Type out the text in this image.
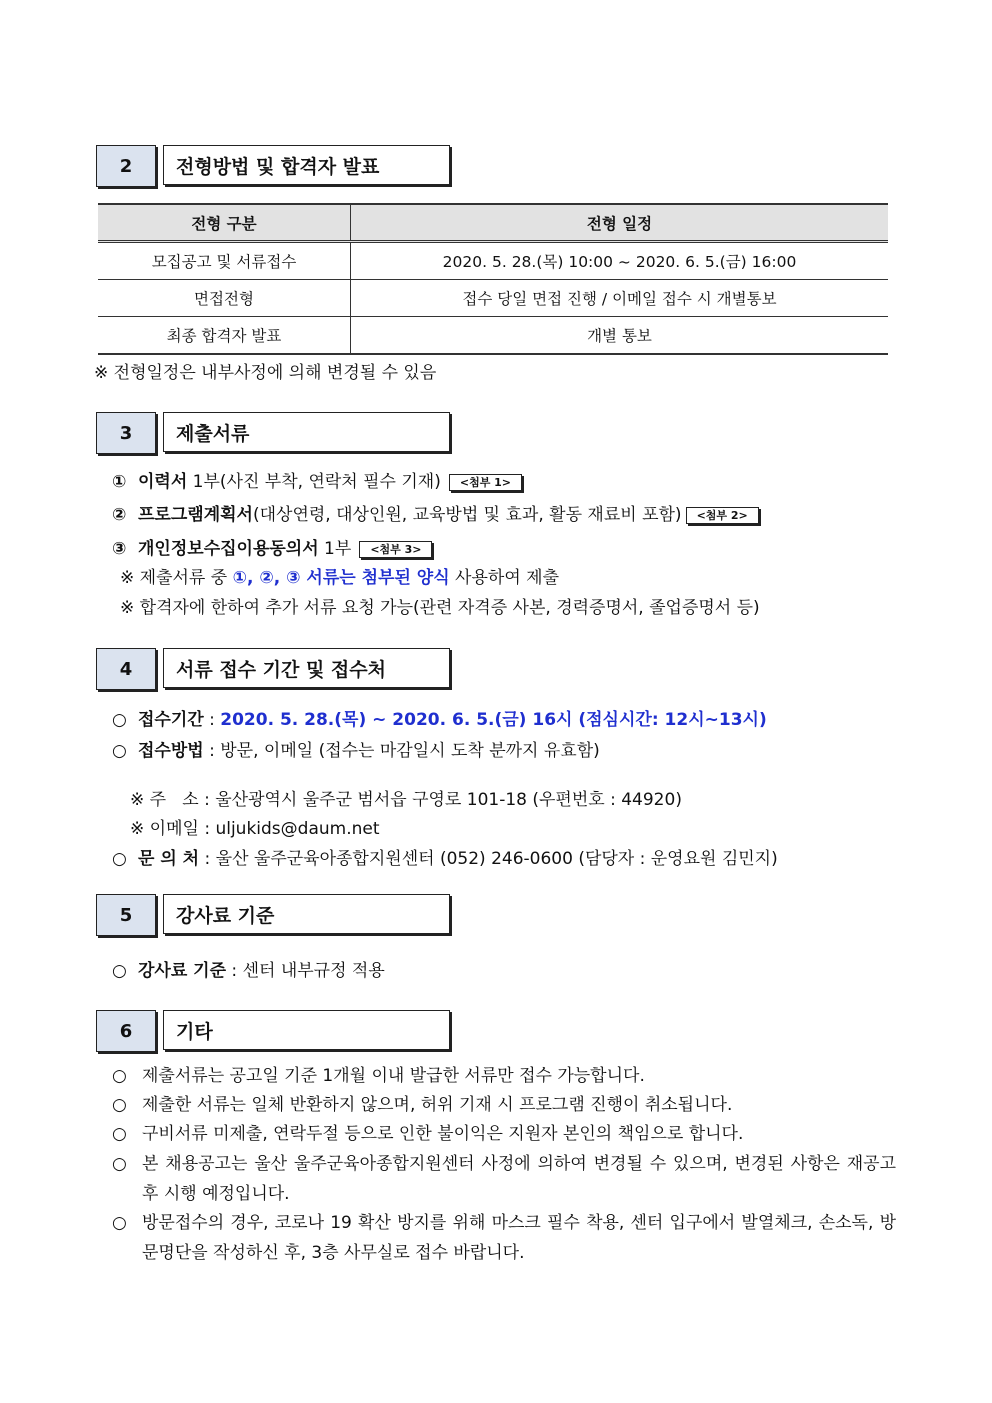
2	전형방법 및 합격자 발표
전형 구분	전형 일정
모집공고 및 서류접수	2020. 5. 28.(목) 10:00 ~ 2020. 6. 5.(금) 16:00
면접전형	접수 당일 면접 진행 / 이메일 접수 시 개별통보
최종 합격자 발표	개별 통보
※ 전형일정은 내부사정에 의해 변경될 수 있음
3	제출서류
① 이력서 1부(사진 부착, 연락처 필수 기재) <첨부 1>
② 프로그램계획서(대상연령, 대상인원, 교육방법 및 효과, 활동 재료비 포함) <첨부 2>
③ 개인정보수집이용동의서 1부 <첨부 3>
※ 제출서류 중 ①, ②, ③ 서류는 첨부된 양식 사용하여 제출
※ 합격자에 한하여 추가 서류 요청 가능(관련 자격증 사본, 경력증명서, 졸업증명서 등)
4	서류 접수 기간 및 접수처
○ 접수기간 : 2020. 5. 28.(목) ~ 2020. 6. 5.(금) 16시 (점심시간: 12시~13시)
○ 접수방법 : 방문, 이메일 (접수는 마감일시 도착 분까지 유효함)
※ 주   소 : 울산광역시 울주군 범서읍 구영로 101-18 (우편번호 : 44920)
※ 이메일 : uljukids@daum.net
○ 문 의 처 : 울산 울주군육아종합지원센터 (052) 246-0600 (담당자 : 운영요원 김민지)
5	강사료 기준
○ 강사료 기준 : 센터 내부규정 적용
6	기타
○ 제출서류는 공고일 기준 1개월 이내 발급한 서류만 접수 가능합니다.
○ 제출한 서류는 일체 반환하지 않으며, 허위 기재 시 프로그램 진행이 취소됩니다.
○ 구비서류 미제출, 연락두절 등으로 인한 불이익은 지원자 본인의 책임으로 합니다.
○ 본 채용공고는 울산 울주군육아종합지원센터 사정에 의하여 변경될 수 있으며, 변경된 사항은 재공고 후 시행 예정입니다.
○ 방문접수의 경우, 코로나 19 확산 방지를 위해 마스크 필수 착용, 센터 입구에서 발열체크, 손소독, 방문명단을 작성하신 후, 3층 사무실로 접수 바랍니다.
